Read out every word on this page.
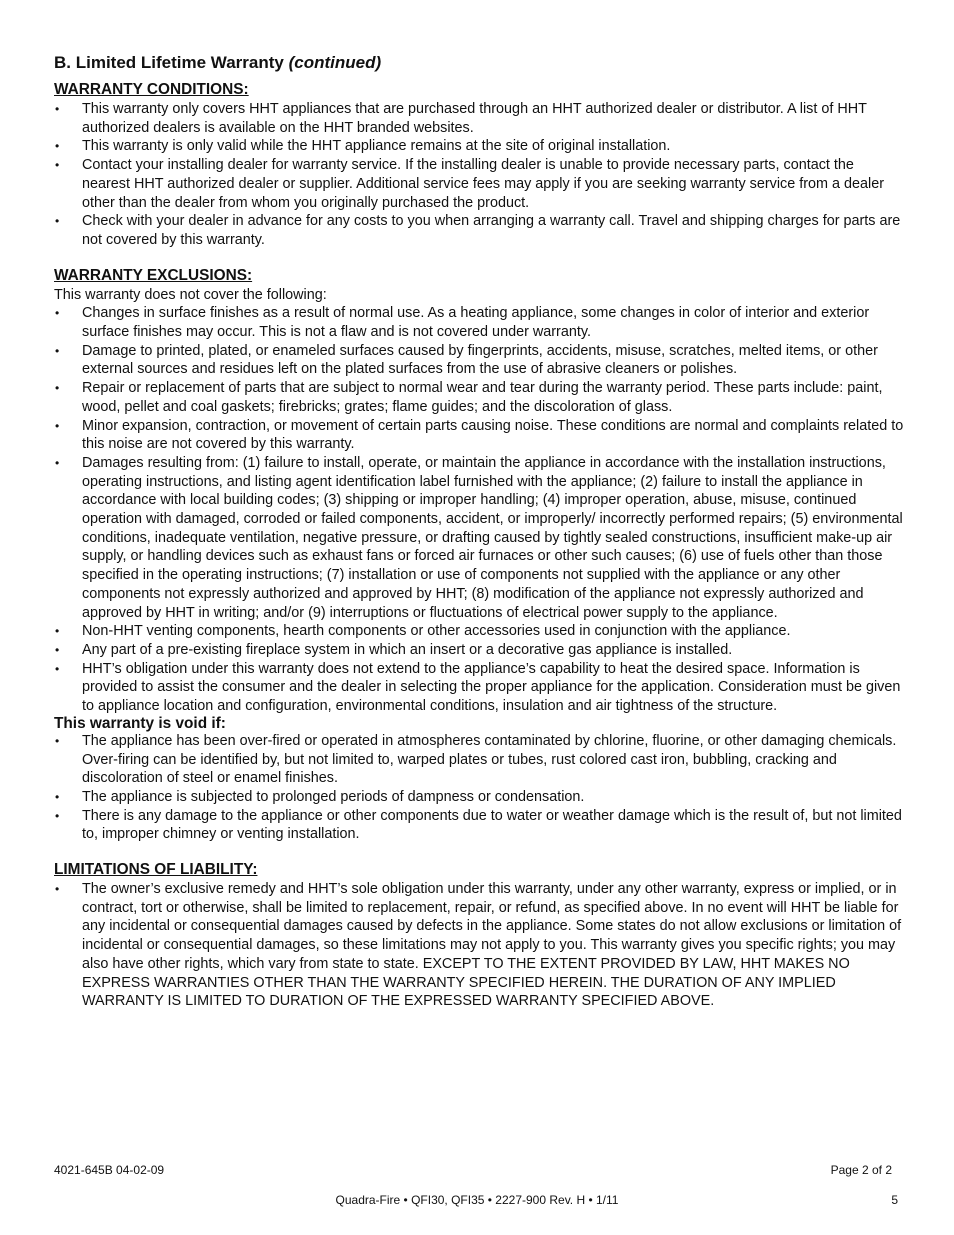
B. Limited Lifetime Warranty (continued)
WARRANTY CONDITIONS:
• This warranty only covers HHT appliances that are purchased through an HHT authorized dealer or distributor. A list of HHT authorized dealers is available on the HHT branded websites.
• This warranty is only valid while the HHT appliance remains at the site of original installation.
• Contact your installing dealer for warranty service. If the installing dealer is unable to provide necessary parts, contact the nearest HHT authorized dealer or supplier. Additional service fees may apply if you are seeking warranty service from a dealer other than the dealer from whom you originally purchased the product.
• Check with your dealer in advance for any costs to you when arranging a warranty call. Travel and shipping charges for parts are not covered by this warranty.
WARRANTY EXCLUSIONS:

This warranty does not cover the following:

• Changes in surface finishes as a result of normal use. As a heating appliance, some changes in color of interior and exterior surface finishes may occur. This is not a flaw and is not covered under warranty.
• Damage to printed, plated, or enameled surfaces caused by fingerprints, accidents, misuse, scratches, melted items, or other external sources and residues left on the plated surfaces from the use of abrasive cleaners or polishes.
• Repair or replacement of parts that are subject to normal wear and tear during the warranty period. These parts include: paint, wood, pellet and coal gaskets; firebricks; grates; flame guides; and the discoloration of glass.
• Minor expansion, contraction, or movement of certain parts causing noise. These conditions are normal and complaints related to this noise are not covered by this warranty.
• Damages resulting from: (1) failure to install, operate, or maintain the appliance in accordance with the installation instructions, operating instructions, and listing agent identification label furnished with the appliance; (2) failure to install the appliance in accordance with local building codes; (3) shipping or improper handling; (4) improper operation, abuse, misuse, continued operation with damaged, corroded or failed components, accident, or improperly/ incorrectly performed repairs; (5) environmental conditions, inadequate ventilation, negative pressure, or drafting caused by tightly sealed constructions, insufficient make-up air supply, or handling devices such as exhaust fans or forced air furnaces or other such causes; (6) use of fuels other than those specified in the operating instructions; (7) installation or use of components not supplied with the appliance or any other components not expressly authorized and approved by HHT; (8) modification of the appliance not expressly authorized and approved by HHT in writing; and/or (9) interruptions or fluctuations of electrical power supply to the appliance.
• Non-HHT venting components, hearth components or other accessories used in conjunction with the appliance.
• Any part of a pre-existing fireplace system in which an insert or a decorative gas appliance is installed.
• HHT’s obligation under this warranty does not extend to the appliance’s capability to heat the desired space. Information is provided to assist the consumer and the dealer in selecting the proper appliance for the application. Consideration must be given to appliance location and configuration, environmental conditions, insulation and air tightness of the structure.
This warranty is void if:
• The appliance has been over-fired or operated in atmospheres contaminated by chlorine, fluorine, or other damaging chemicals. Over-firing can be identified by, but not limited to, warped plates or tubes, rust colored cast iron, bubbling, cracking and discoloration of steel or enamel finishes.
• The appliance is subjected to prolonged periods of dampness or condensation.
• There is any damage to the appliance or other components due to water or weather damage which is the result of, but not limited to, improper chimney or venting installation.
LIMITATIONS OF LIABILITY:
• The owner’s exclusive remedy and HHT’s sole obligation under this warranty, under any other warranty, express or implied, or in contract, tort or otherwise, shall be limited to replacement, repair, or refund, as specified above. In no event will HHT be liable for any incidental or consequential damages caused by defects in the appliance. Some states do not allow exclusions or limitation of incidental or consequential damages, so these limitations may not apply to you. This warranty gives you specific rights; you may also have other rights, which vary from state to state. EXCEPT TO THE EXTENT PROVIDED BY LAW, HHT MAKES NO EXPRESS WARRANTIES OTHER THAN THE WARRANTY SPECIFIED HEREIN. THE DURATION OF ANY IMPLIED WARRANTY IS LIMITED TO DURATION OF THE EXPRESSED WARRANTY SPECIFIED ABOVE.
4021-645B 04-02-09	Page 2 of 2
Quadra-Fire • QFI30, QFI35 • 2227-900 Rev. H • 1/11	5
